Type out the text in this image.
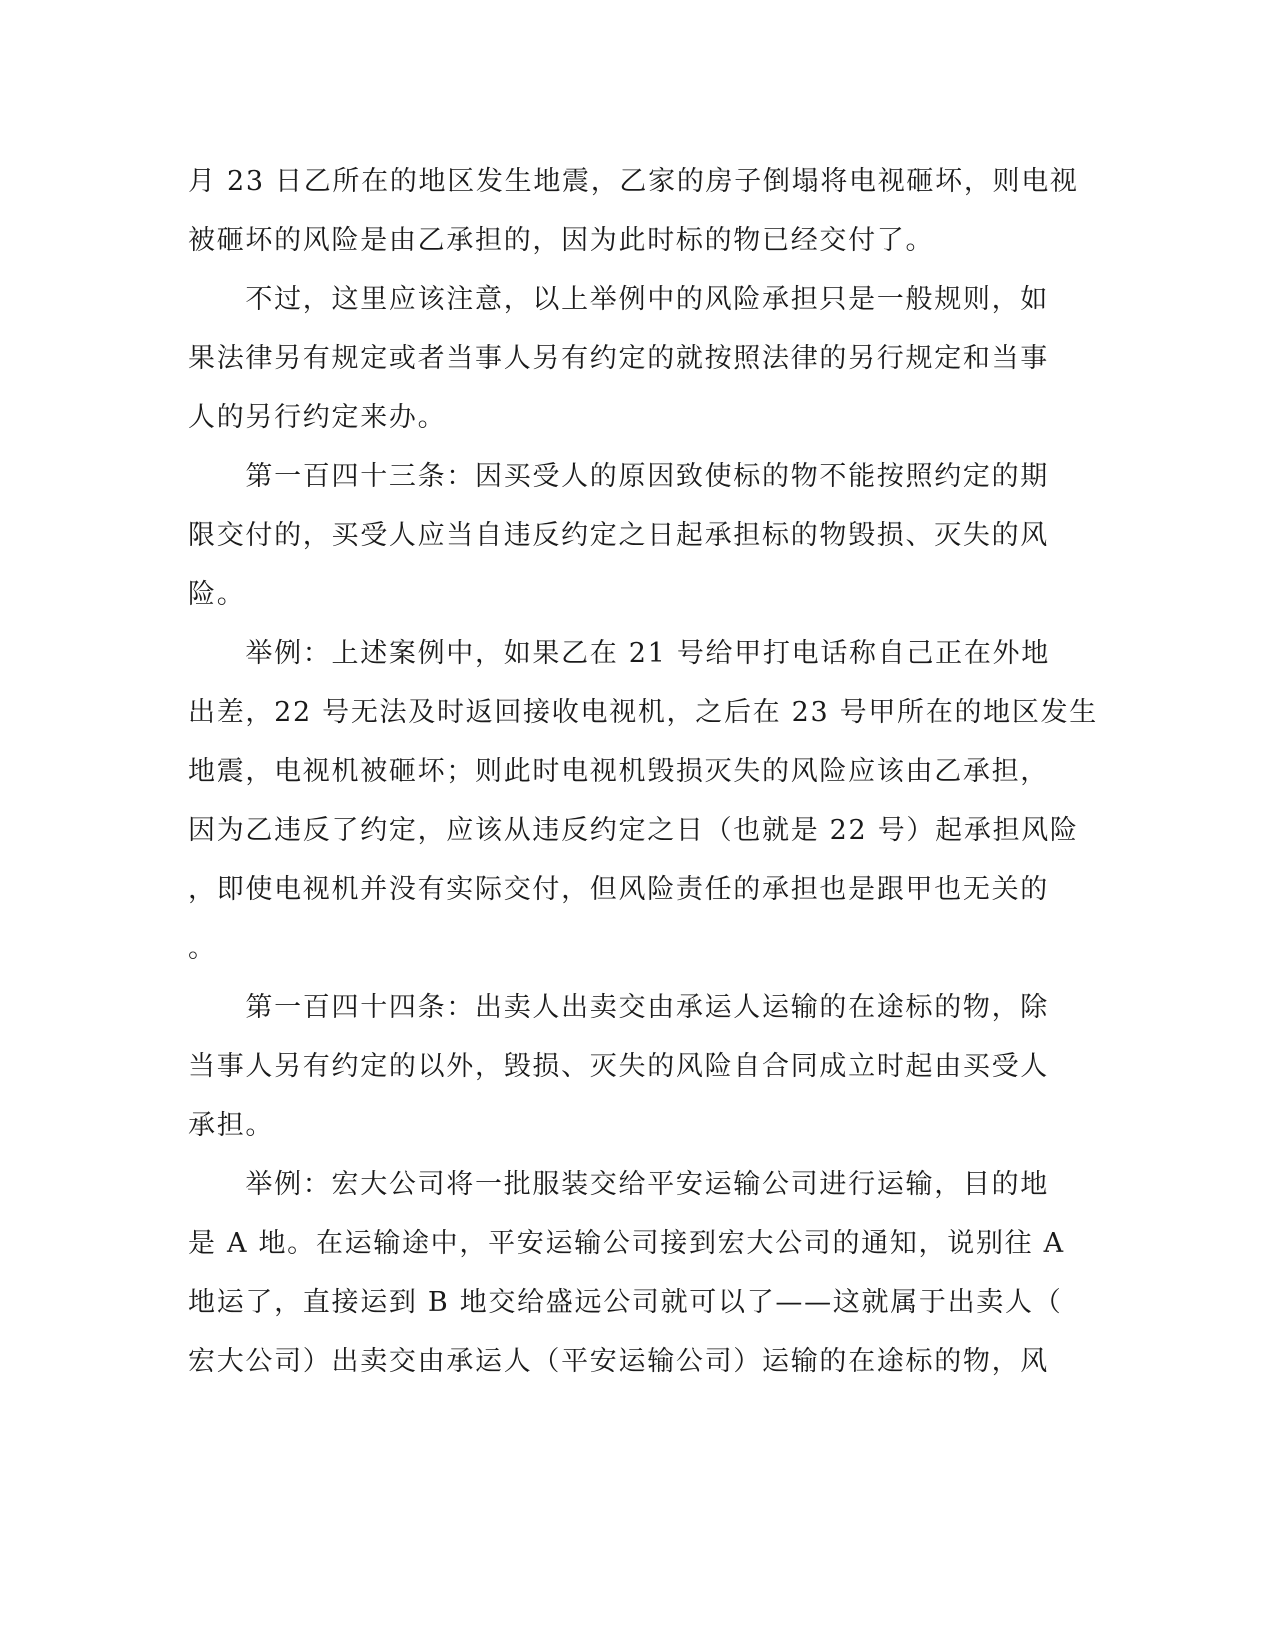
月 23 日乙所在的地区发生地震，乙家的房子倒塌将电视砸坏，则电视

被砸坏的风险是由乙承担的，因为此时标的物已经交付了。

　　不过，这里应该注意，以上举例中的风险承担只是一般规则，如

果法律另有规定或者当事人另有约定的就按照法律的另行规定和当事

人的另行约定来办。

　　第一百四十三条：因买受人的原因致使标的物不能按照约定的期

限交付的，买受人应当自违反约定之日起承担标的物毁损、灭失的风

险。

　　举例：上述案例中，如果乙在 21 号给甲打电话称自己正在外地

出差，22 号无法及时返回接收电视机，之后在 23 号甲所在的地区发生

地震，电视机被砸坏；则此时电视机毁损灭失的风险应该由乙承担，

因为乙违反了约定，应该从违反约定之日（也就是 22 号）起承担风险

，即使电视机并没有实际交付，但风险责任的承担也是跟甲也无关的

。

　　第一百四十四条：出卖人出卖交由承运人运输的在途标的物，除

当事人另有约定的以外，毁损、灭失的风险自合同成立时起由买受人

承担。

　　举例：宏大公司将一批服装交给平安运输公司进行运输，目的地

是 A 地。在运输途中，平安运输公司接到宏大公司的通知，说别往 A

地运了，直接运到 B 地交给盛远公司就可以了——这就属于出卖人（

宏大公司）出卖交由承运人（平安运输公司）运输的在途标的物，风
